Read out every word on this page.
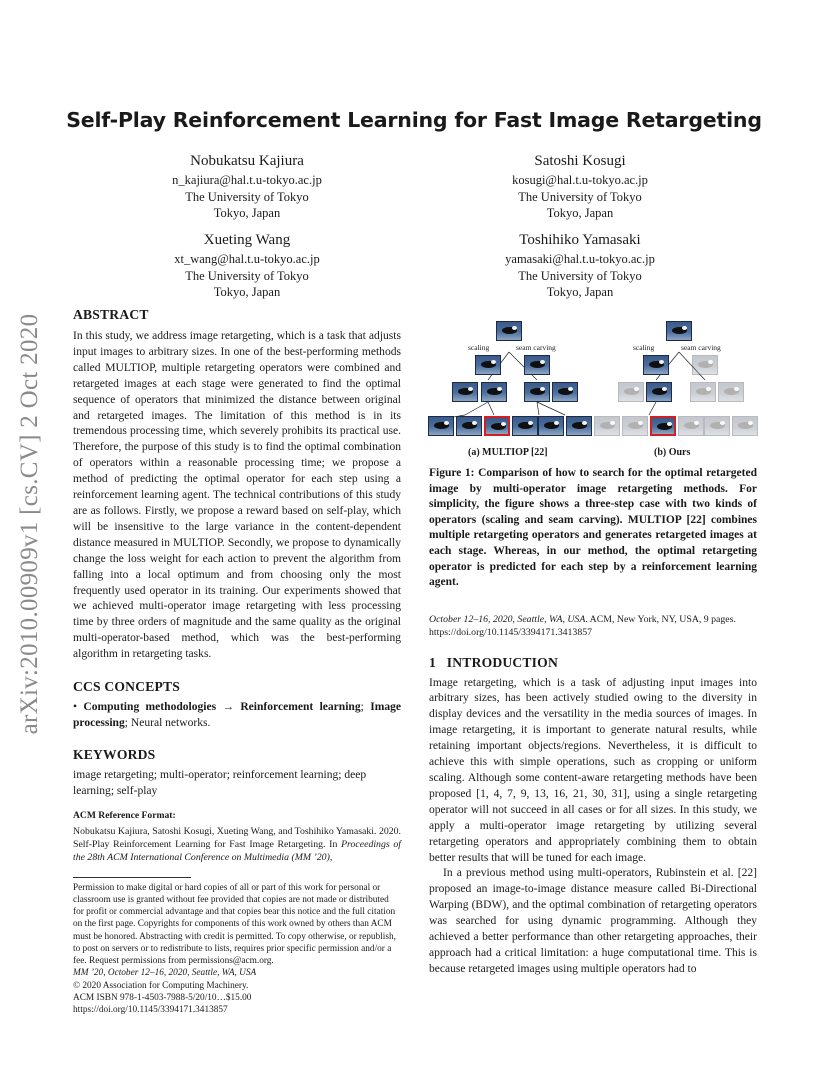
Self-Play Reinforcement Learning for Fast Image Retargeting
Nobukatsu Kajiura
n_kajiura@hal.t.u-tokyo.ac.jp
The University of Tokyo
Tokyo, Japan
Satoshi Kosugi
kosugi@hal.t.u-tokyo.ac.jp
The University of Tokyo
Tokyo, Japan
Xueting Wang
xt_wang@hal.t.u-tokyo.ac.jp
The University of Tokyo
Tokyo, Japan
Toshihiko Yamasaki
yamasaki@hal.t.u-tokyo.ac.jp
The University of Tokyo
Tokyo, Japan
arXiv:2010.00909v1 [cs.CV] 2 Oct 2020	ABSTRACT

In this study, we address image retargeting, which is a task that adjusts input images to arbitrary sizes. In one of the best-performing methods called MULTIOP, multiple retargeting operators were combined and retargeted images at each stage were generated to find the optimal sequence of operators that minimized the distance between original and retargeted images. The limitation of this method is in its tremendous processing time, which severely prohibits its practical use. Therefore, the purpose of this study is to find the optimal combination of operators within a reasonable processing time; we propose a method of predicting the optimal operator for each step using a reinforcement learning agent. The technical contributions of this study are as follows. Firstly, we propose a reward based on self-play, which will be insensitive to the large variance in the content-dependent distance measured in MULTIOP. Secondly, we propose to dynamically change the loss weight for each action to prevent the algorithm from falling into a local optimum and from choosing only the most frequently used operator in its training. Our experiments showed that we achieved multi-operator image retargeting with less processing time by three orders of magnitude and the same quality as the original multi-operator-based method, which was the best-performing algorithm in retargeting tasks.

CCS CONCEPTS

• Computing methodologies → Reinforcement learning; Image processing; Neural networks.

KEYWORDS

image retargeting; multi-operator; reinforcement learning; deep learning; self-play

ACM Reference Format:

Nobukatsu Kajiura, Satoshi Kosugi, Xueting Wang, and Toshihiko Yamasaki. 2020. Self-Play Reinforcement Learning for Fast Image Retargeting. In Proceedings of the 28th ACM International Conference on Multimedia (MM ’20),

Permission to make digital or hard copies of all or part of this work for personal or classroom use is granted without fee provided that copies are not made or distributed for profit or commercial advantage and that copies bear this notice and the full citation on the first page. Copyrights for components of this work owned by others than ACM must be honored. Abstracting with credit is permitted. To copy otherwise, or republish, to post on servers or to redistribute to lists, requires prior specific permission and/or a fee. Request permissions from permissions@acm.org.
MM ’20, October 12–16, 2020, Seattle, WA, USA
© 2020 Association for Computing Machinery.
ACM ISBN 978-1-4503-7988-5/20/10…$15.00
https://doi.org/10.1145/3394171.3413857
scaling	seam carving
(a) MULTIOP [22]
scaling	seam carving
(b) Ours

Figure 1: Comparison of how to search for the optimal retargeted image by multi-operator image retargeting methods. For simplicity, the figure shows a three-step case with two kinds of operators (scaling and seam carving). MULTIOP [22] combines multiple retargeting operators and generates retargeted images at each stage. Whereas, in our method, the optimal retargeting operator is predicted for each step by a reinforcement learning agent.

October 12–16, 2020, Seattle, WA, USA. ACM, New York, NY, USA, 9 pages. https://doi.org/10.1145/3394171.3413857

1 INTRODUCTION

Image retargeting, which is a task of adjusting input images into arbitrary sizes, has been actively studied owing to the diversity in display devices and the versatility in the media sources of images. In image retargeting, it is important to generate natural results, while retaining important objects/regions. Nevertheless, it is difficult to achieve this with simple operations, such as cropping or uniform scaling. Although some content-aware retargeting methods have been proposed [1, 4, 7, 9, 13, 16, 21, 30, 31], using a single retargeting operator will not succeed in all cases or for all sizes. In this study, we apply a multi-operator image retargeting by utilizing several retargeting operators and appropriately combining them to obtain better results that will be tuned for each image.

In a previous method using multi-operators, Rubinstein et al. [22] proposed an image-to-image distance measure called Bi-Directional Warping (BDW), and the optimal combination of retargeting operators was searched for using dynamic programming. Although they achieved a better performance than other retargeting approaches, their approach had a critical limitation: a huge computational time. This is because retargeted images using multiple operators had to
